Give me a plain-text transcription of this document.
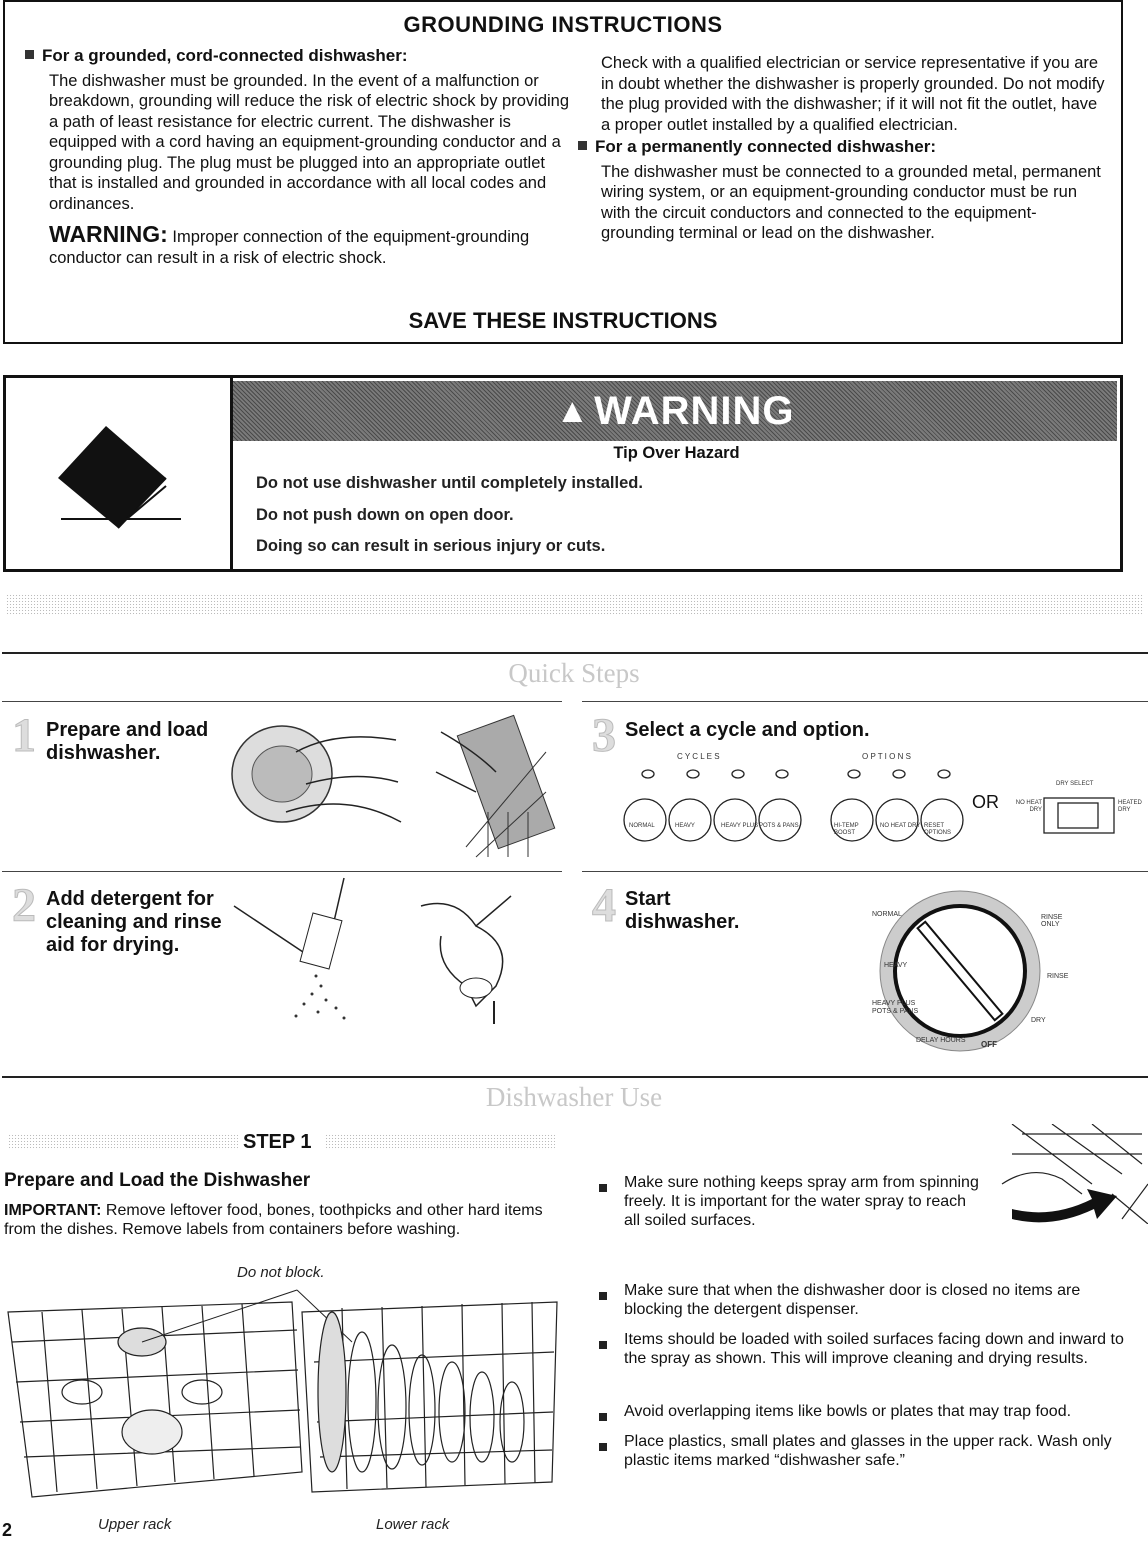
GROUNDING INSTRUCTIONS
For a grounded, cord-connected dishwasher:

The dishwasher must be grounded. In the event of a malfunction or breakdown, grounding will reduce the risk of electric shock by providing a path of least resistance for electric current. The dishwasher is equipped with a cord having an equipment-grounding conductor and a grounding plug. The plug must be plugged into an appropriate outlet that is installed and grounded in accordance with all local codes and ordinances.

WARNING: Improper connection of the equipment-grounding conductor can result in a risk of electric shock.

Check with a qualified electrician or service representative if you are in doubt whether the dishwasher is properly grounded. Do not modify the plug provided with the dishwasher; if it will not fit the outlet, have a proper outlet installed by a qualified electrician.

For a permanently connected dishwasher:

The dishwasher must be connected to a grounded metal, permanent wiring system, or an equipment-grounding conductor must be run with the circuit conductors and connected to the equipment-grounding terminal or lead on the dishwasher.

SAVE THESE INSTRUCTIONS
▲ WARNING
Tip Over Hazard
Do not use dishwasher until completely installed.
Do not push down on open door.
Doing so can result in serious injury or cuts.
Quick Steps
1 Prepare and load dishwasher.
2 Add detergent for cleaning and rinse aid for drying.
3 Select a cycle and option.
C Y C L E S	O P T I O N S
NORMAL	HEAVY	HEAVY PLUS POTS & PANS	HI-TEMP BOOST
NO HEAT DRY RESET OPTIONS
OR
DRY SELECT
NO HEAT DRY
HEATED DRY
4 Start dishwasher.	NORMAL	RINSE ONLY
HEAVY
RINSE
HEAVY PLUS POTS & PANS
DRY
DELAY HOURS OFF
Dishwasher Use
STEP 1
Prepare and Load the Dishwasher
IMPORTANT: Remove leftover food, bones, toothpicks and other hard items from the dishes. Remove labels from containers before washing.
Do not block.
Upper rack	Lower rack
Make sure nothing keeps spray arm from spinning freely. It is important for the water spray to reach all soiled surfaces.
Make sure that when the dishwasher door is closed no items are blocking the detergent dispenser.
Items should be loaded with soiled surfaces facing down and inward to the spray as shown. This will improve cleaning and drying results.
Avoid overlapping items like bowls or plates that may trap food.
Place plastics, small plates and glasses in the upper rack. Wash only plastic items marked “dishwasher safe.”
2
